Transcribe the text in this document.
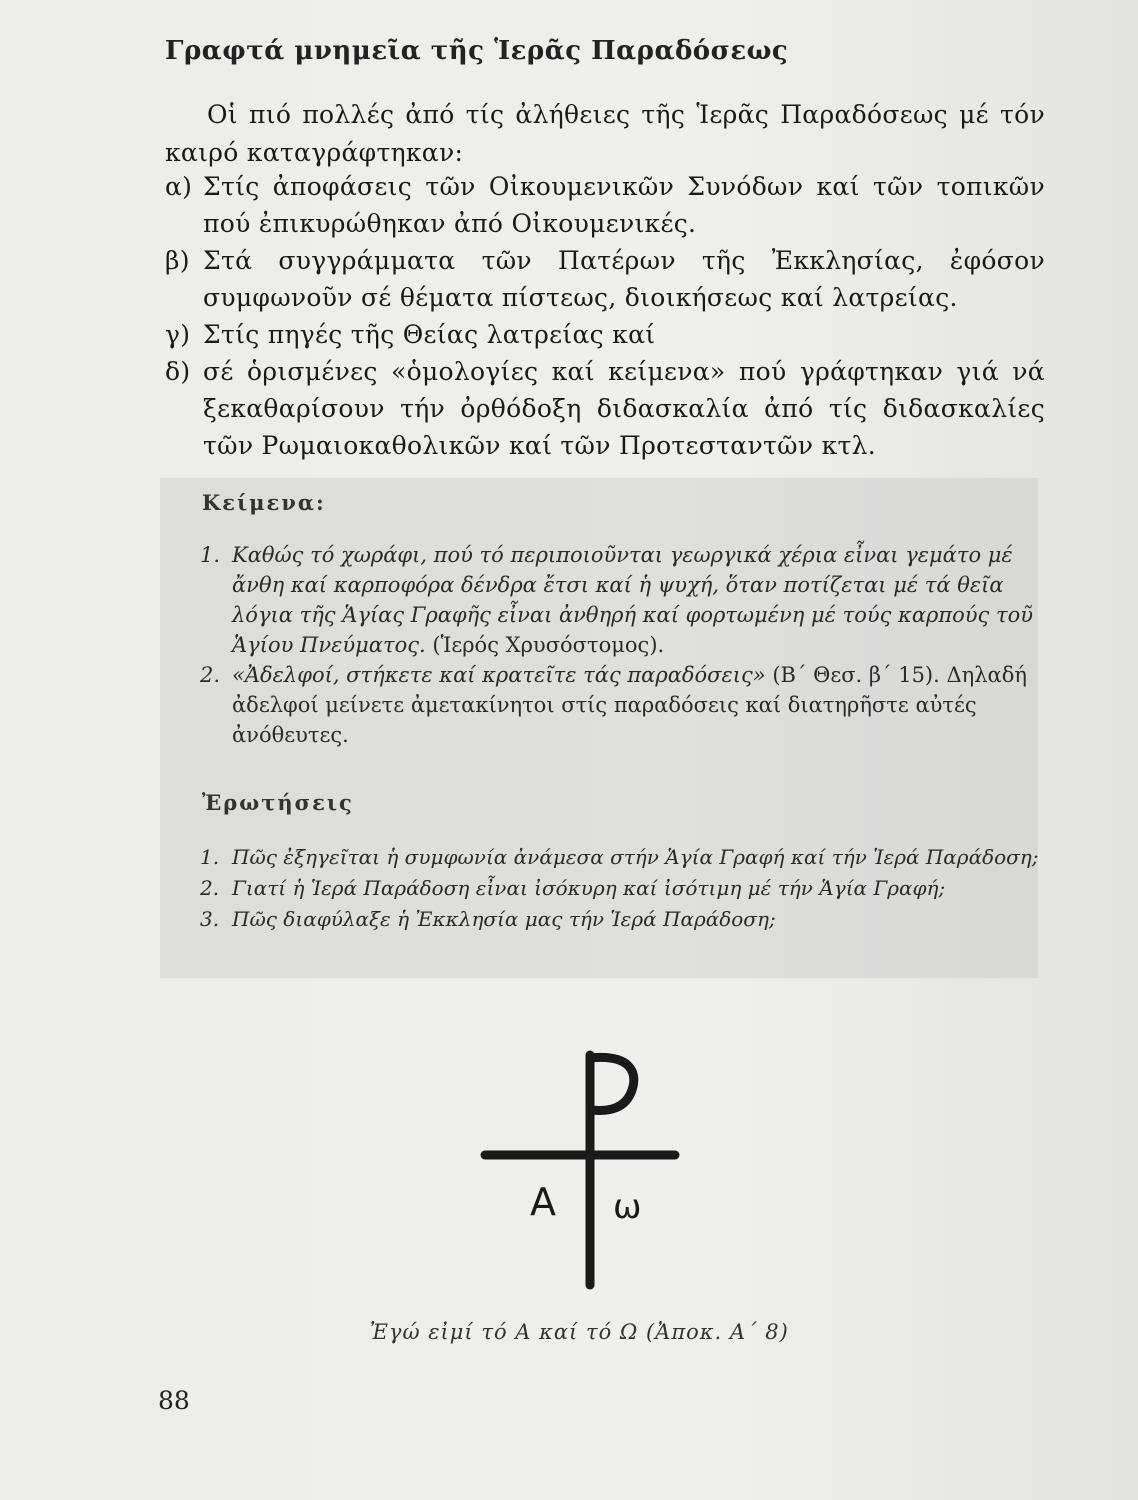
Γραφτά μνημεῖα τῆς Ἱερᾶς Παραδόσεως

Οἱ πιό πολλές ἀπό τίς ἀλήθειες τῆς Ἱερᾶς Παραδόσεως μέ τόν καιρό καταγράφτηκαν:

α) Στίς ἀποφάσεις τῶν Οἰκουμενικῶν Συνόδων καί τῶν τοπικῶν πού ἐπικυρώθηκαν ἀπό Οἰκουμενικές.
β) Στά συγγράμματα τῶν Πατέρων τῆς Ἐκκλησίας, ἐφόσον συμφωνοῦν σέ θέματα πίστεως, διοικήσεως καί λατρείας.
γ) Στίς πηγές τῆς Θείας λατρείας καί
δ) σέ ὁρισμένες «ὁμολογίες καί κείμενα» πού γράφτηκαν γιά νά ξεκαθαρίσουν τήν ὀρθόδοξη διδασκαλία ἀπό τίς διδασκαλίες τῶν Ρωμαιοκαθολικῶν καί τῶν Προτεσταντῶν κτλ.
Κείμενα:
1. Καθώς τό χωράφι, πού τό περιποιοῦνται γεωργικά χέρια εἶναι γεμάτο μέ ἄνθη καί καρποφόρα δένδρα ἔτσι καί ἡ ψυχή, ὅταν ποτίζεται μέ τά θεῖα λόγια τῆς Ἁγίας Γραφῆς εἶναι ἀνθηρή καί φορτωμένη μέ τούς καρπούς τοῦ Ἁγίου Πνεύματος. (Ἱερός Χρυσόστομος).
2. «Ἀδελφοί, στήκετε καί κρατεῖτε τάς παραδόσεις» (Β΄ Θεσ. β΄ 15). Δηλαδή ἀδελφοί μείνετε ἀμετακίνητοι στίς παραδόσεις καί διατηρῆστε αὐτές ἀνόθευτες.
Ἐρωτήσεις
1. Πῶς ἐξηγεῖται ἡ συμφωνία ἀνάμεσα στήν Ἁγία Γραφή καί τήν Ἱερά Παράδοση;
2. Γιατί ἡ Ἱερά Παράδοση εἶναι ἰσόκυρη καί ἰσότιμη μέ τήν Ἁγία Γραφή;
3. Πῶς διαφύλαξε ἡ Ἐκκλησία μας τήν Ἱερά Παράδοση;
Α ω
Ἐγώ εἰμί τό Α καί τό Ω (Ἀποκ. Α΄ 8)
88
